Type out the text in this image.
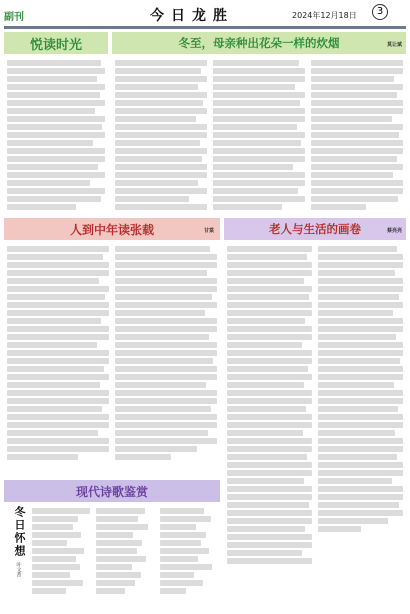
副刊	今日龙胜	2024年12月18日	3
悦读时光	冬至，母亲种出花朵一样的炊烟	莫让斌
人到中年读张载	甘棠	老人与生活的画卷	蔡亮亮
现代诗歌鉴赏
冬日怀想
叶文菁
